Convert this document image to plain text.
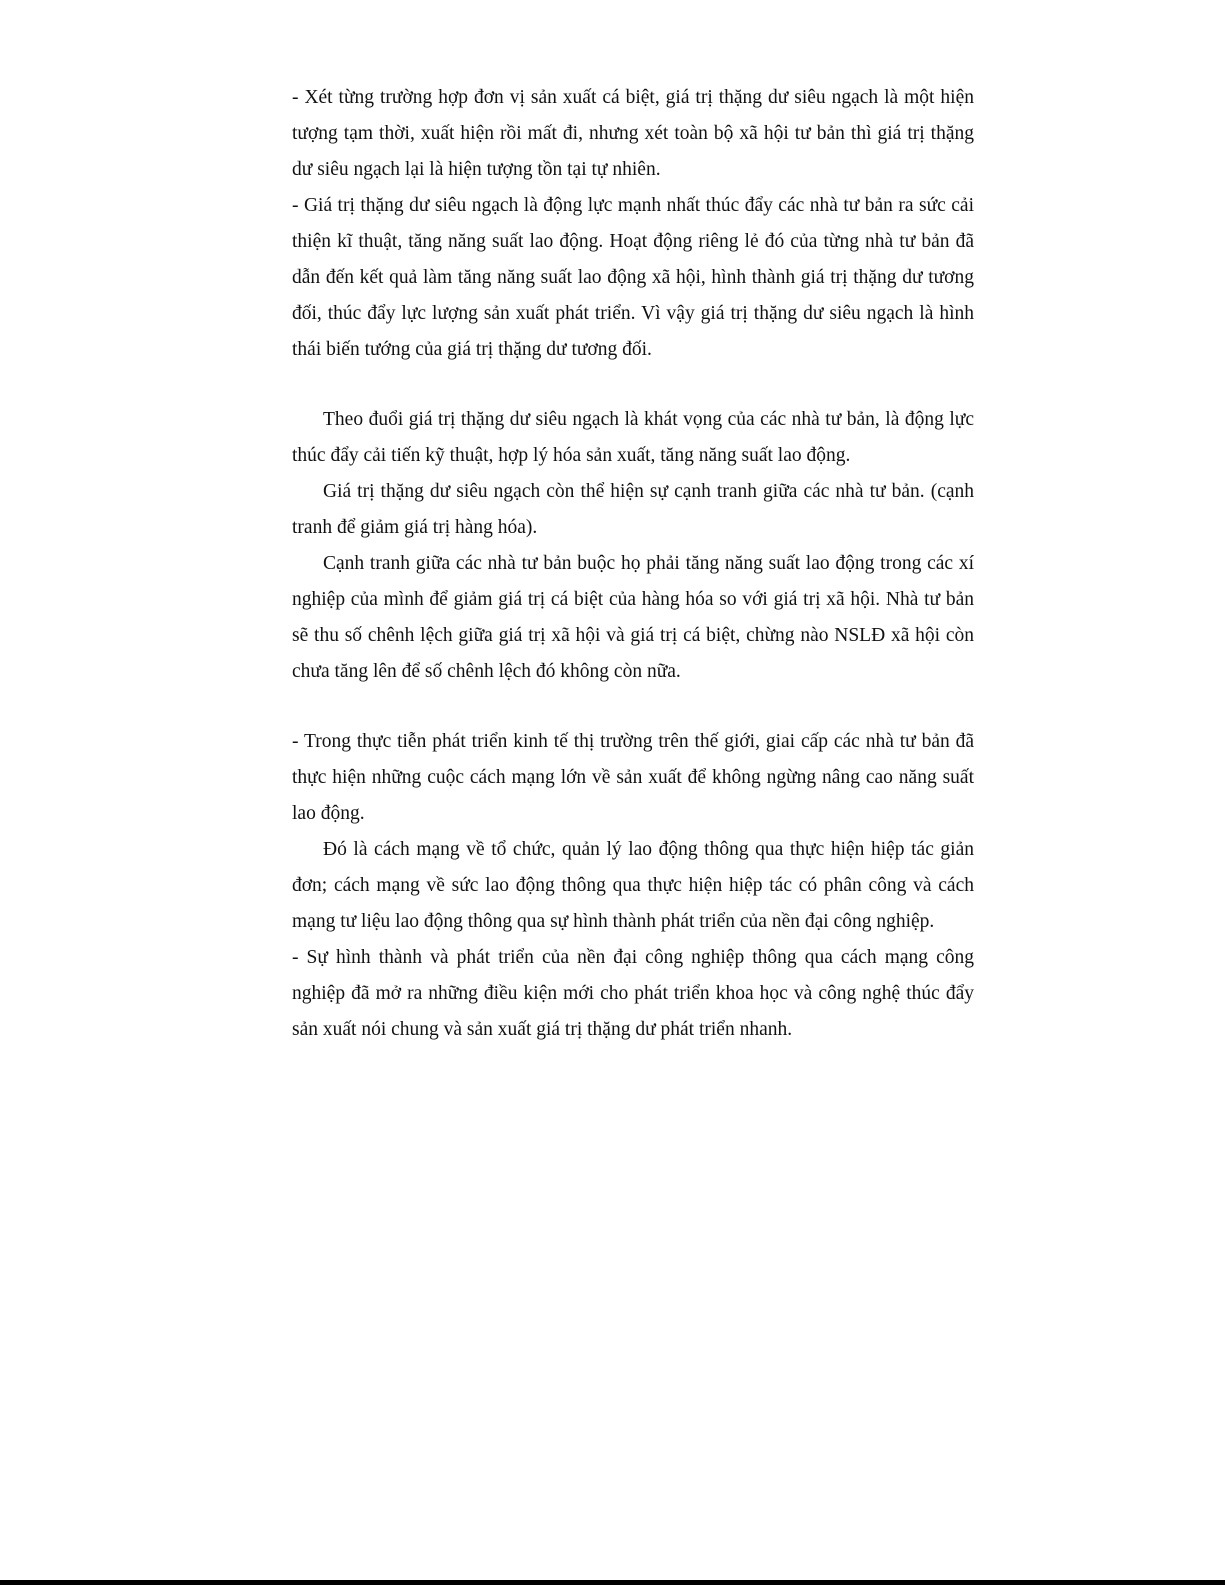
- Xét từng trường hợp đơn vị sản xuất cá biệt, giá trị thặng dư siêu ngạch là một hiện tượng tạm thời, xuất hiện rồi mất đi, nhưng xét toàn bộ xã hội tư bản thì giá trị thặng dư siêu ngạch lại là hiện tượng tồn tại tự nhiên.

- Giá trị thặng dư siêu ngạch là động lực mạnh nhất thúc đẩy các nhà tư bản ra sức cải thiện kĩ thuật, tăng năng suất lao động. Hoạt động riêng lẻ đó của từng nhà tư bản đã dẫn đến kết quả làm tăng năng suất lao động xã hội, hình thành giá trị thặng dư tương đối, thúc đẩy lực lượng sản xuất phát triển. Vì vậy giá trị thặng dư siêu ngạch là hình thái biến tướng của giá trị thặng dư tương đối.

Theo đuổi giá trị thặng dư siêu ngạch là khát vọng của các nhà tư bản, là động lực thúc đẩy cải tiến kỹ thuật, hợp lý hóa sản xuất, tăng năng suất lao động.

Giá trị thặng dư siêu ngạch còn thể hiện sự cạnh tranh giữa các nhà tư bản. (cạnh tranh để giảm giá trị hàng hóa).

Cạnh tranh giữa các nhà tư bản buộc họ phải tăng năng suất lao động trong các xí nghiệp của mình để giảm giá trị cá biệt của hàng hóa so với giá trị xã hội. Nhà tư bản sẽ thu số chênh lệch giữa giá trị xã hội và giá trị cá biệt, chừng nào NSLĐ xã hội còn chưa tăng lên để số chênh lệch đó không còn nữa.

- Trong thực tiễn phát triển kinh tế thị trường trên thế giới, giai cấp các nhà tư bản đã thực hiện những cuộc cách mạng lớn về sản xuất để không ngừng nâng cao năng suất lao động.

Đó là cách mạng về tổ chức, quản lý lao động thông qua thực hiện hiệp tác giản đơn; cách mạng về sức lao động thông qua thực hiện hiệp tác có phân công và cách mạng tư liệu lao động thông qua sự hình thành phát triển của nền đại công nghiệp.

- Sự hình thành và phát triển của nền đại công nghiệp thông qua cách mạng công nghiệp đã mở ra những điều kiện mới cho phát triển khoa học và công nghệ thúc đẩy sản xuất nói chung và sản xuất giá trị thặng dư phát triển nhanh.
